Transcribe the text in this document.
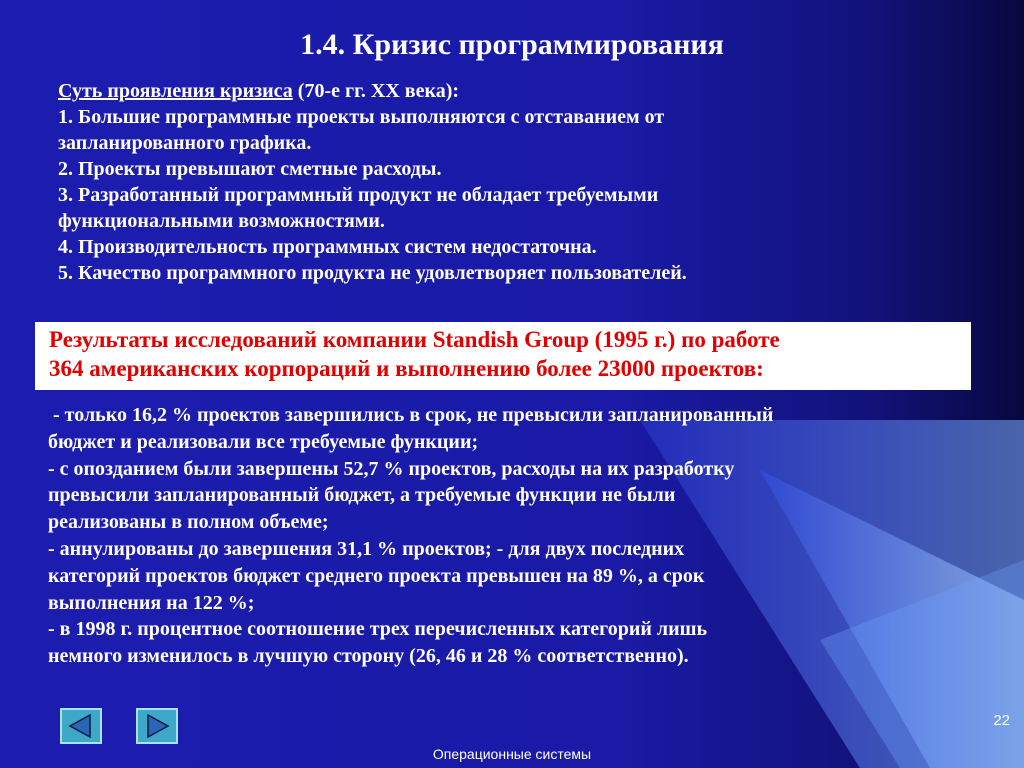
1.4. Кризис программирования
Суть проявления кризиса (70-е гг. XX века):
1. Большие программные проекты выполняются с отставанием от
запланированного графика.
2. Проекты превышают сметные расходы.
3. Разработанный программный продукт не обладает требуемыми
функциональными возможностями.
4. Производительность программных систем недостаточна.
5. Качество программного продукта не удовлетворяет пользователей.
Результаты исследований компании Standish Group (1995 г.) по работе
364 американских корпораций и выполнению более 23000 проектов:
- только 16,2 % проектов завершились в срок, не превысили запланированный
бюджет и реализовали все требуемые функции;
- с опозданием были завершены 52,7 % проектов, расходы на их разработку
превысили запланированный бюджет, а требуемые функции не были
реализованы в полном объеме;
- аннулированы до завершения 31,1 % проектов; - для двух последних
категорий проектов бюджет среднего проекта превышен на 89 %, а срок
выполнения на 122 %;
- в 1998 г. процентное соотношение трех перечисленных категорий лишь
немного изменилось в лучшую сторону (26, 46 и 28 % соответственно).
22
Операционные системы
